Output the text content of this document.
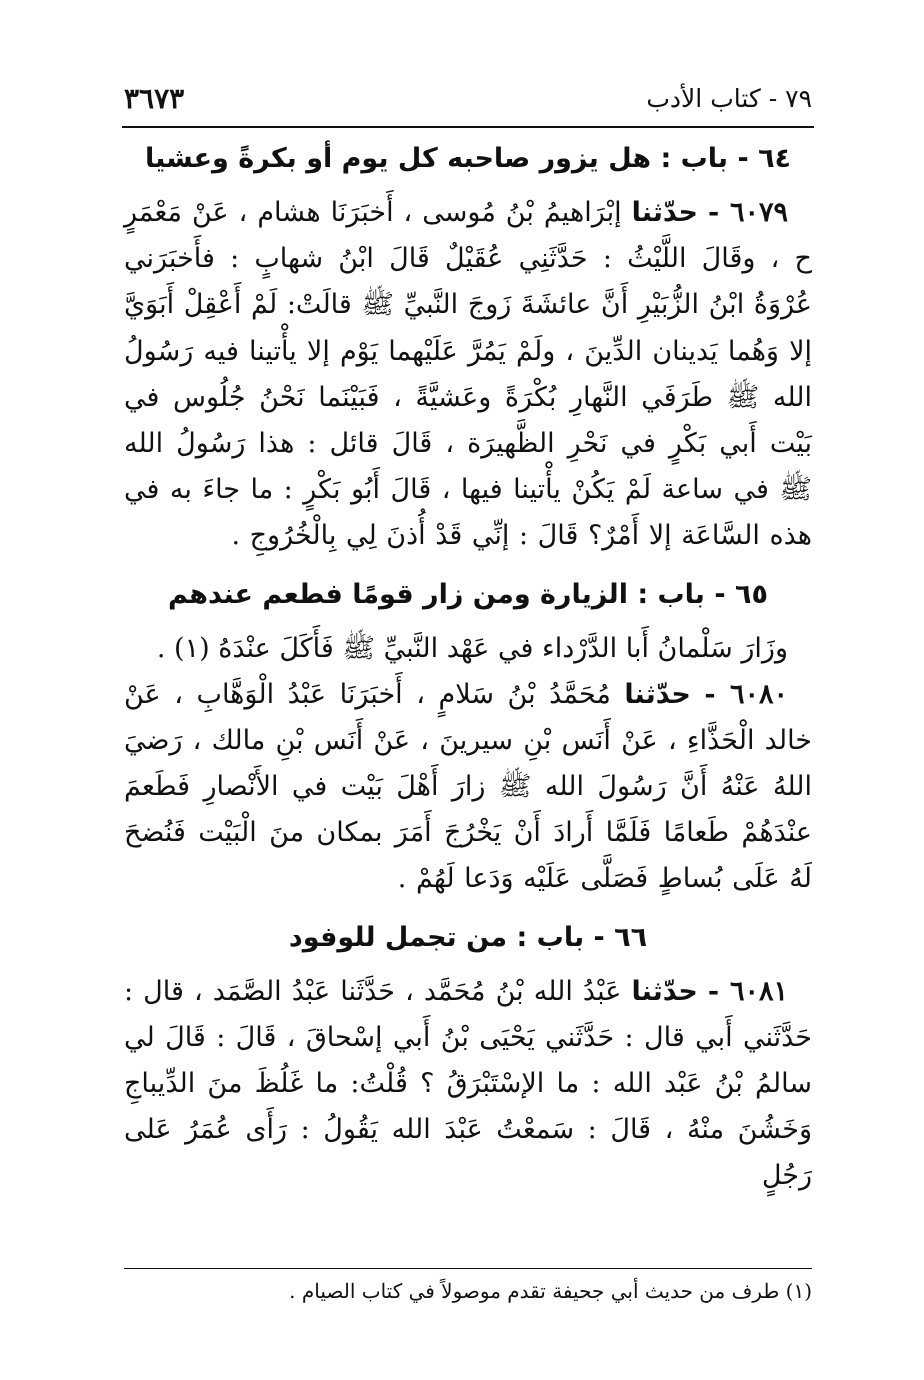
٧٩ - كتاب الأدب
٣٦٧٣
٦٤ - باب : هل يزور صاحبه كل يوم أو بكرةً وعشيا

٦٠٧٩ - حدّثنا إبْرَاهيمُ بْنُ مُوسى ، أَخبَرَنَا هشام ، عَنْ مَعْمَرٍ ح ، وقَالَ اللَّيْثُ : حَدَّثَنِي عُقَيْلٌ قَالَ ابْنُ شهابٍ : فأَخبَرَني عُرْوَةُ ابْنُ الزُّبَيْرِ أَنَّ عائشَةَ زَوجَ النَّبيِّ ﷺ قالَتْ: لَمْ أَعْقِلْ أَبَوَيَّ إلا وَهُما يَدينان الدِّينَ ، ولَمْ يَمُرَّ عَلَيْهما يَوْم إلا يأْتينا فيه رَسُولُ الله ﷺ طَرَفَي النَّهارِ بُكْرَةً وعَشيَّةً ، فَبَيْنَما نَحْنُ جُلُوس في بَيْت أَبي بَكْرٍ في نَحْرِ الظَّهيرَة ، قَالَ قائل : هذا رَسُولُ الله ﷺ في ساعة لَمْ يَكُنْ يأْتينا فيها ، قَالَ أَبُو بَكْرٍ : ما جاءَ به في هذه السَّاعَة إلا أَمْرٌ؟ قَالَ : إنِّي قَدْ أُذنَ لِي بِالْخُرُوجِ .

٦٥ - باب : الزيارة ومن زار قومًا فطعم عندهم

وزَارَ سَلْمانُ أَبا الدَّرْداء في عَهْد النَّبيِّ ﷺ فَأَكَلَ عنْدَهُ (١) .

٦٠٨٠ - حدّثنا مُحَمَّدُ بْنُ سَلامٍ ، أَخبَرَنَا عَبْدُ الْوَهَّابِ ، عَنْ خالد الْحَذَّاءِ ، عَنْ أَنَس بْنِ سيرينَ ، عَنْ أَنَس بْنِ مالك ، رَضيَ اللهُ عَنْهُ أَنَّ رَسُولَ الله ﷺ زارَ أَهْلَ بَيْت في الأَنْصارِ فَطَعمَ عنْدَهُمْ طَعامًا فَلَمَّا أَرادَ أَنْ يَخْرُجَ أَمَرَ بمكان منَ الْبَيْت فَنُضحَ لَهُ عَلَى بُساطٍ فَصَلَّى عَلَيْه وَدَعا لَهُمْ .

٦٦ - باب : من تجمل للوفود

٦٠٨١ - حدّثنا عَبْدُ الله بْنُ مُحَمَّد ، حَدَّثَنا عَبْدُ الصَّمَد ، قال : حَدَّثَني أَبي قال : حَدَّثَني يَحْيَى بْنُ أَبي إسْحاقَ ، قَالَ : قَالَ لي سالمُ بْنُ عَبْد الله : ما الإسْتَبْرَقُ ؟ قُلْتُ: ما غَلُظَ منَ الدِّيباجِ وَخَشُنَ منْهُ ، قَالَ : سَمعْتُ عَبْدَ الله يَقُولُ : رَأَى عُمَرُ عَلى رَجُلٍ

(١) طرف من حديث أبي جحيفة تقدم موصولاً في كتاب الصيام .
